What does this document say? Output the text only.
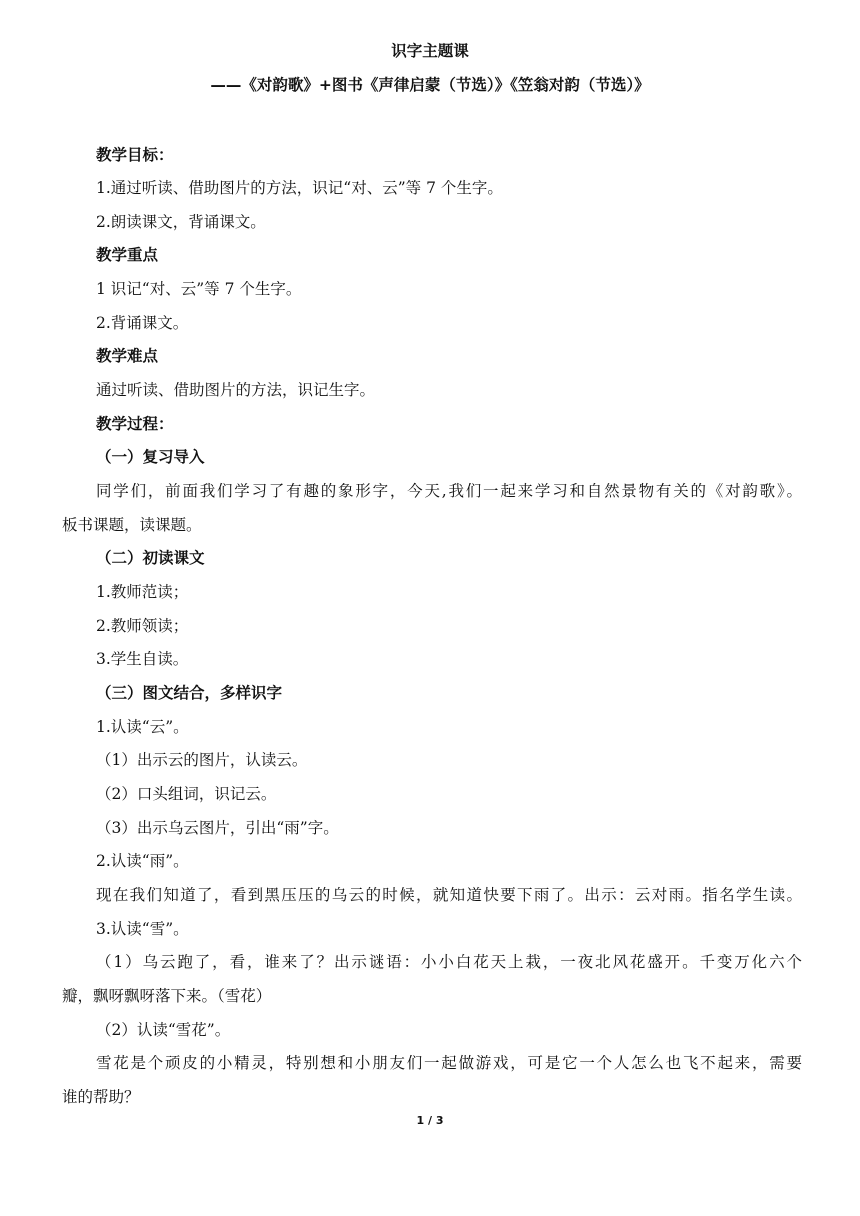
识字主题课
——《对韵歌》+图书《声律启蒙（节选）》《笠翁对韵（节选）》
教学目标：
1.通过听读、借助图片的方法，识记“对、云”等 7 个生字。
2.朗读课文，背诵课文。
教学重点
1 识记“对、云”等 7 个生字。
2.背诵课文。
教学难点
通过听读、借助图片的方法，识记生字。
教学过程：
（一）复习导入
同学们，前面我们学习了有趣的象形字，今天,我们一起来学习和自然景物有关的《对韵歌》。
板书课题，读课题。
（二）初读课文
1.教师范读；
2.教师领读；
3.学生自读。
（三）图文结合，多样识字
1.认读“云”。
（1）出示云的图片，认读云。
（2）口头组词，识记云。
（3）出示乌云图片，引出“雨”字。
2.认读“雨”。
现在我们知道了，看到黑压压的乌云的时候，就知道快要下雨了。出示：云对雨。指名学生读。
3.认读“雪”。
（1）乌云跑了，看，谁来了？出示谜语：小小白花天上栽，一夜北风花盛开。千变万化六个
瓣，飘呀飘呀落下来。（雪花）
（2）认读“雪花”。
雪花是个顽皮的小精灵，特别想和小朋友们一起做游戏，可是它一个人怎么也飞不起来，需要
谁的帮助？
1 / 3
